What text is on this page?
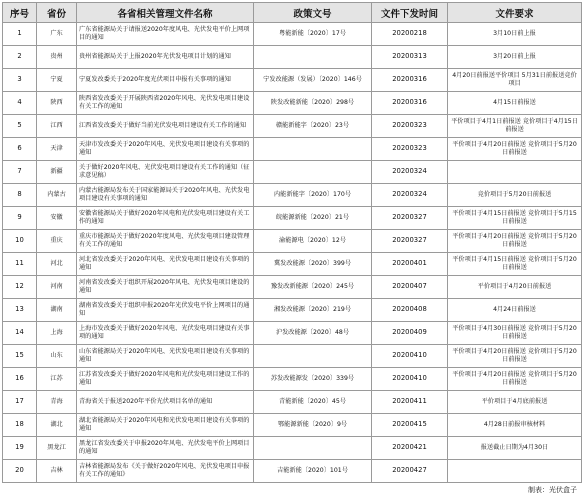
序号	省份	各省相关管理文件名称	政策文号	文件下发时间	文件要求
1	广东	广东省能源局关于请报送2020年度风电、光伏发电平价上网项目的通知	粤能新能〔2020〕17号	20200218	3月10日前上报
2	贵州	贵州省能源局关于上报2020年光伏发电项目计划的通知		20200313	3月20日前上报
3	宁夏	宁夏发改委关于2020年度光伏项目申报有关事项的通知	宁发改能源（发展）〔2020〕146号	20200316	4月20日前报送平价项目 5月31日前报送竞价项目
4	陕西	陕西省发改委关于开展陕西省2020年风电、光伏发电项目建设有关工作的通知	陕发改能新能〔2020〕298号	20200316	4月15日前报送
5	江西	江西省发改委关于做好当前光伏发电项目建设有关工作的通知	赣能新能字〔2020〕23号	20200323	平价项目于4月1日前报送 竞价项目于4月15日前报送
6	天津	天津市发改委关于2020年风电、光伏发电项目建设有关事项的通知		20200323	平价项目于4月20日前报送 竞价项目于5月20日前报送
7	新疆	关于做好2020年风电、光伏发电项目建设有关工作的通知（征求意见稿）		20200324	
8	内蒙古	内蒙古能源局发布关于国家能源局关于2020年风电、光伏发电项目建设有关事项的通知	内能新能字〔2020〕170号	20200324	竞价项目于5月20日前报送
9	安徽	安徽省能源局关于做好2020年风电和光伏发电项目建设有关工作的通知	皖能源新能〔2020〕21号	20200327	平价项目于4月15日前报送 竞价项目于5月15日前报送
10	重庆	重庆市能源局关于做好2020年度风电、光伏发电项目建设管理有关工作的通知	渝能源电〔2020〕12号	20200327	平价项目于4月20日前报送 竞价项目于5月20日前报送
11	河北	河北省发改委关于2020年风电、光伏发电项目建设有关事项的通知	冀发改能源〔2020〕399号	20200401	平价项目于4月15日前报送 竞价项目于5月20日前报送
12	河南	河南省发改委关于组织开展2020年风电、光伏发电项目建设的通知	豫发改新能源〔2020〕245号	20200407	平价项目于4月20日前报送
13	湖南	湖南省发改委关于组织申报2020年光伏发电平价上网项目的通知	湘发改能源〔2020〕219号	20200408	4月24日前报送
14	上海	上海市发改委关于做好2020年风电、光伏发电项目建设有关事项的通知	沪发改能源〔2020〕48号	20200409	平价项目于4月30日前报送 竞价项目于5月20日前报送
15	山东	山东省能源局关于2020年风电、光伏发电项目建设有关事项的通知		20200410	平价项目于4月20日前报送 竞价项目于5月20日前报送
16	江苏	江苏省发改委关于做好2020年风电和光伏发电项目建设工作的通知	苏发改能源发〔2020〕339号	20200410	平价项目于4月20日前报送 竞价项目于5月20日前报送
17	青海	青海省关于报送2020年平价光伏项目名单的通知	青能新能〔2020〕45号	20200411	平价项目于4月底前报送
18	湖北	湖北省能源局关于2020年风电和光伏发电项目建设有关事项的通知	鄂能源新能〔2020〕9号	20200415	4月28日前报审核材料
19	黑龙江	黑龙江省发改委关于申报2020年风电、光伏发电平价上网项目的通知		20200421	报送截止日期为4月30日
20	吉林	吉林省能源局发布《关于做好2020年风电、光伏发电项目申报有关工作的通知》	吉能新能〔2020〕101号	20200427	
制表：光伏盒子
